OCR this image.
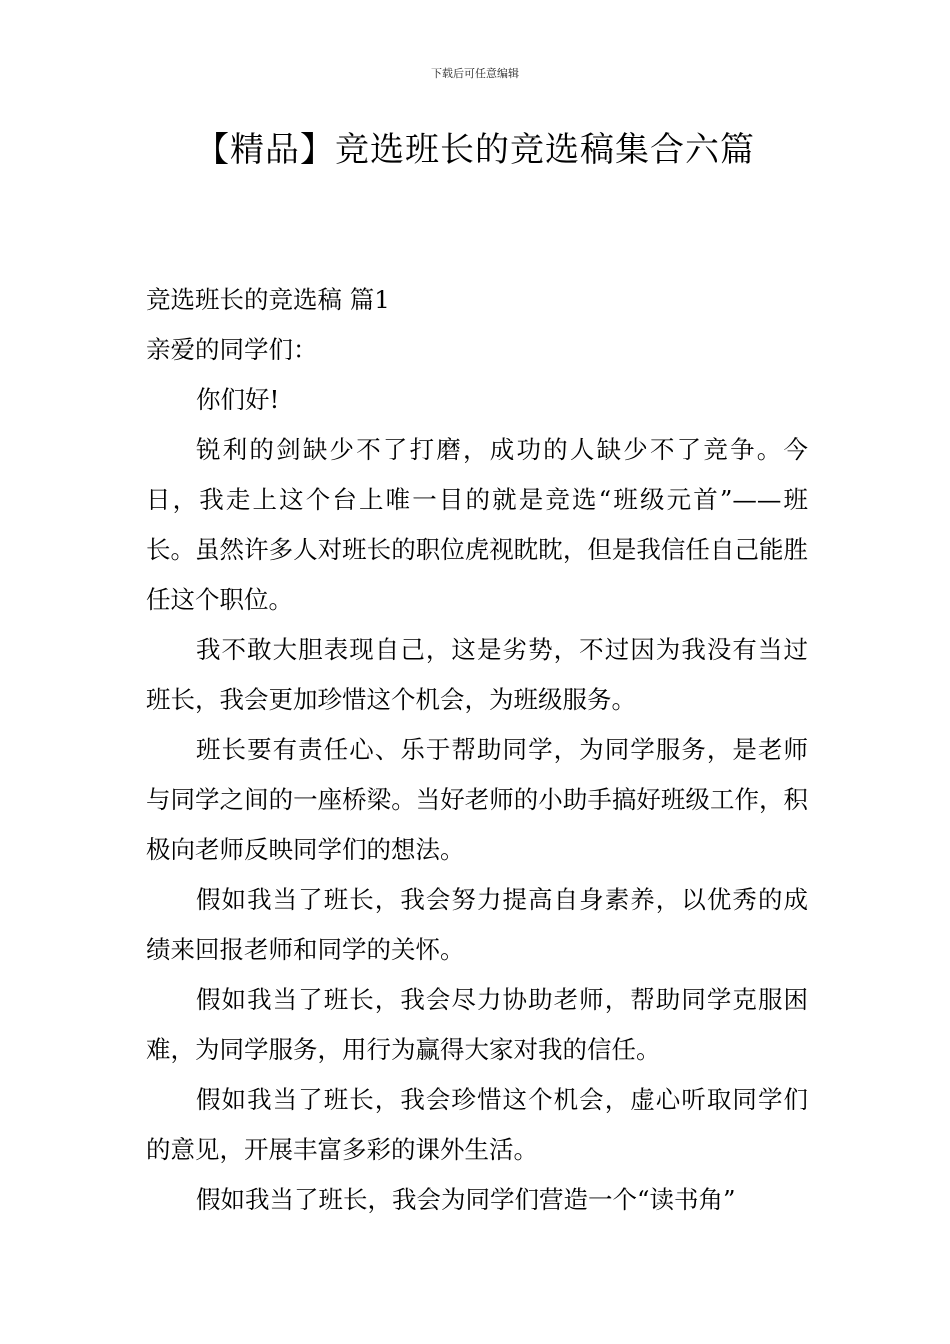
下载后可任意编辑
【精品】竞选班长的竞选稿集合六篇

竞选班长的竞选稿 篇1

亲爱的同学们：

你们好!

锐利的剑缺少不了打磨，成功的人缺少不了竞争。今日，我走上这个台上唯一目的就是竞选“班级元首”——班长。虽然许多人对班长的职位虎视眈眈，但是我信任自己能胜任这个职位。

我不敢大胆表现自己，这是劣势，不过因为我没有当过班长，我会更加珍惜这个机会，为班级服务。

班长要有责任心、乐于帮助同学，为同学服务，是老师与同学之间的一座桥梁。当好老师的小助手搞好班级工作，积极向老师反映同学们的想法。

假如我当了班长，我会努力提高自身素养，以优秀的成绩来回报老师和同学的关怀。

假如我当了班长，我会尽力协助老师，帮助同学克服困难，为同学服务，用行为赢得大家对我的信任。

假如我当了班长，我会珍惜这个机会，虚心听取同学们的意见，开展丰富多彩的课外生活。

假如我当了班长，我会为同学们营造一个“读书角”
